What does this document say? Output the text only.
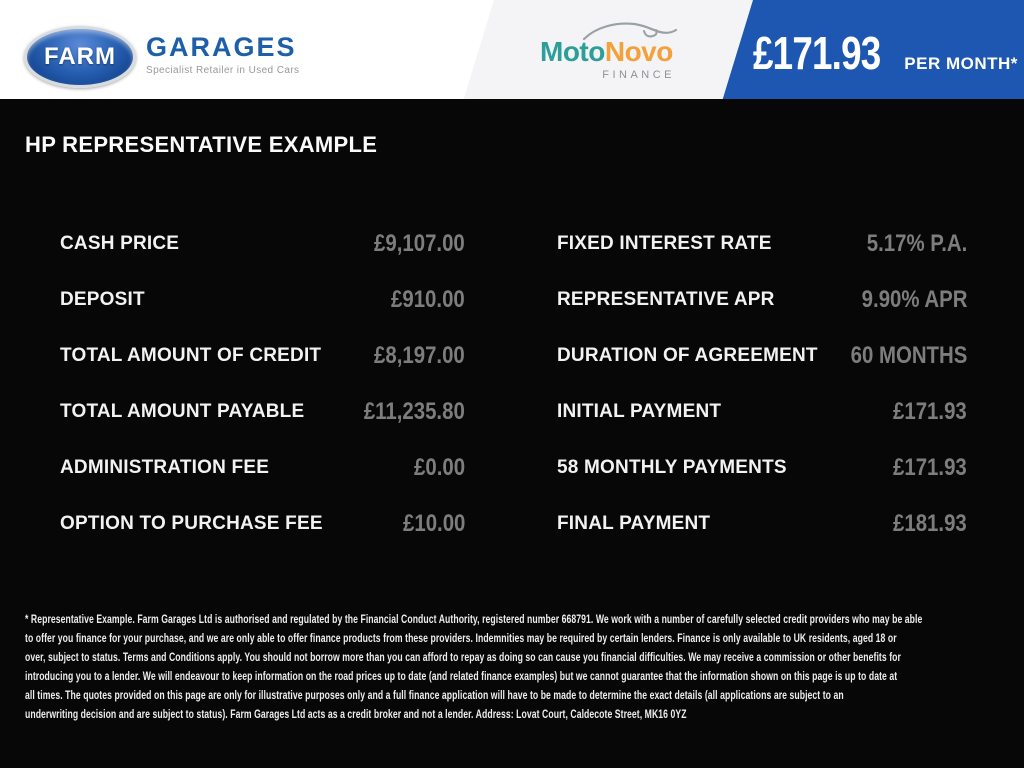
FARM GARAGES
Specialist Retailer in Used Cars
MotoNovo
FINANCE £171.93 PER MONTH*
HP REPRESENTATIVE EXAMPLE
CASH PRICE	£9,107.00
DEPOSIT	£910.00
TOTAL AMOUNT OF CREDIT £8,197.00
TOTAL AMOUNT PAYABLE £11,235.80
ADMINISTRATION FEE	£0.00
OPTION TO PURCHASE FEE	£10.00
FIXED INTEREST RATE	5.17% P.A.
REPRESENTATIVE APR	9.90% APR
DURATION OF AGREEMENT 60 MONTHS
INITIAL PAYMENT	£171.93
58 MONTHLY PAYMENTS	£171.93
FINAL PAYMENT	£181.93
* Representative Example. Farm Garages Ltd is authorised and regulated by the Financial Conduct Authority, registered number 668791. We work with a number of carefully selected credit providers who may be able
to offer you finance for your purchase, and we are only able to offer finance products from these providers. Indemnities may be required by certain lenders. Finance is only available to UK residents, aged 18 or
over, subject to status. Terms and Conditions apply. You should not borrow more than you can afford to repay as doing so can cause you financial difficulties. We may receive a commission or other benefits for
introducing you to a lender. We will endeavour to keep information on the road prices up to date (and related finance examples) but we cannot guarantee that the information shown on this page is up to date at
all times. The quotes provided on this page are only for illustrative purposes only and a full finance application will have to be made to determine the exact details (all applications are subject to an
underwriting decision and are subject to status). Farm Garages Ltd acts as a credit broker and not a lender. Address: Lovat Court, Caldecote Street, MK16 0YZ
